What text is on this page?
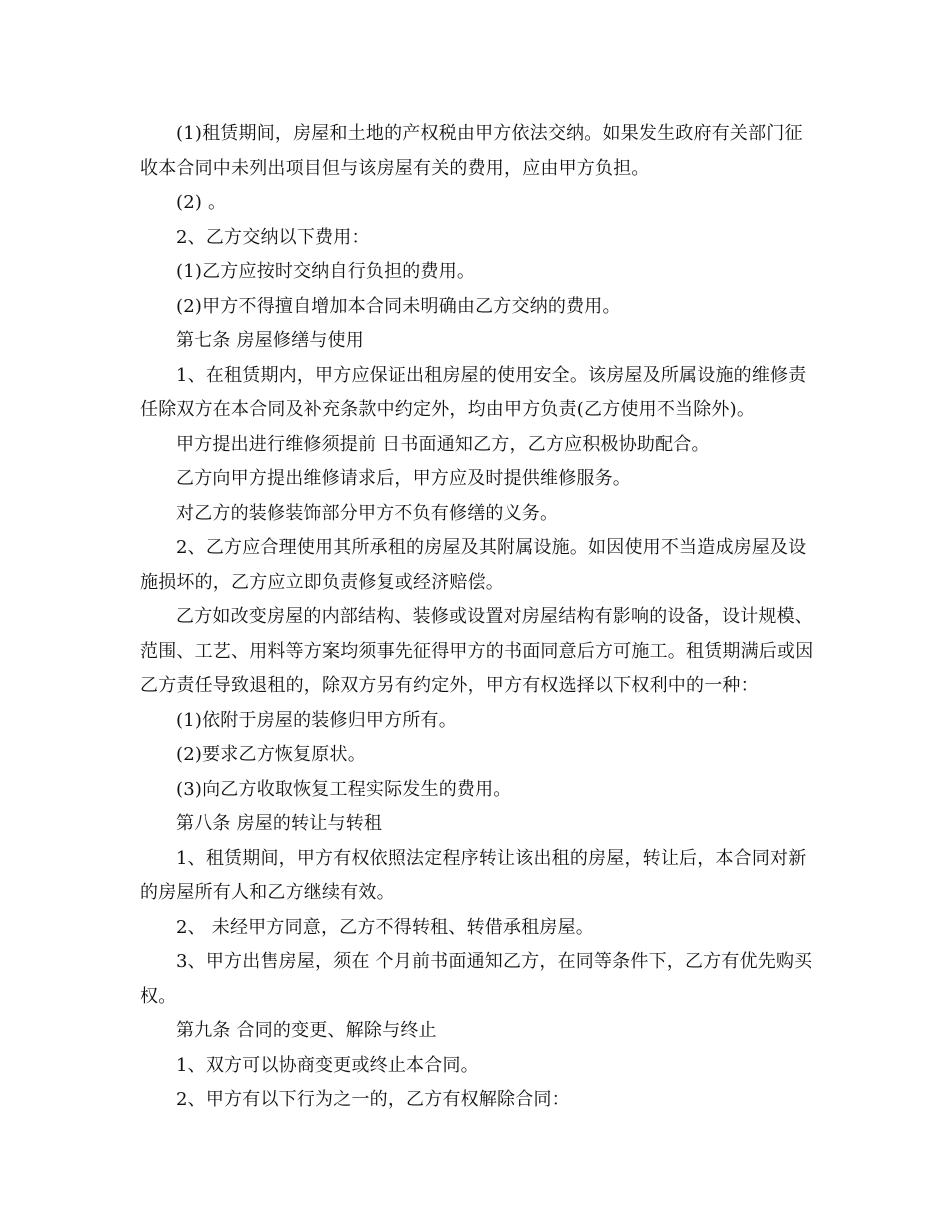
(1)租赁期间，房屋和土地的产权税由甲方依法交纳。如果发生政府有关部门征收本合同中未列出项目但与该房屋有关的费用，应由甲方负担。

(2) 。

2、乙方交纳以下费用：

(1)乙方应按时交纳自行负担的费用。

(2)甲方不得擅自增加本合同未明确由乙方交纳的费用。

第七条 房屋修缮与使用

1、在租赁期内，甲方应保证出租房屋的使用安全。该房屋及所属设施的维修责任除双方在本合同及补充条款中约定外，均由甲方负责(乙方使用不当除外)。

甲方提出进行维修须提前 日书面通知乙方，乙方应积极协助配合。

乙方向甲方提出维修请求后，甲方应及时提供维修服务。

对乙方的装修装饰部分甲方不负有修缮的义务。

2、乙方应合理使用其所承租的房屋及其附属设施。如因使用不当造成房屋及设施损坏的，乙方应立即负责修复或经济赔偿。

乙方如改变房屋的内部结构、装修或设置对房屋结构有影响的设备，设计规模、范围、工艺、用料等方案均须事先征得甲方的书面同意后方可施工。租赁期满后或因乙方责任导致退租的，除双方另有约定外，甲方有权选择以下权利中的一种：

(1)依附于房屋的装修归甲方所有。

(2)要求乙方恢复原状。

(3)向乙方收取恢复工程实际发生的费用。

第八条 房屋的转让与转租

1、租赁期间，甲方有权依照法定程序转让该出租的房屋，转让后，本合同对新的房屋所有人和乙方继续有效。

2、 未经甲方同意，乙方不得转租、转借承租房屋。

3、甲方出售房屋，须在 个月前书面通知乙方，在同等条件下，乙方有优先购买权。

第九条 合同的变更、解除与终止

1、双方可以协商变更或终止本合同。

2、甲方有以下行为之一的，乙方有权解除合同：
